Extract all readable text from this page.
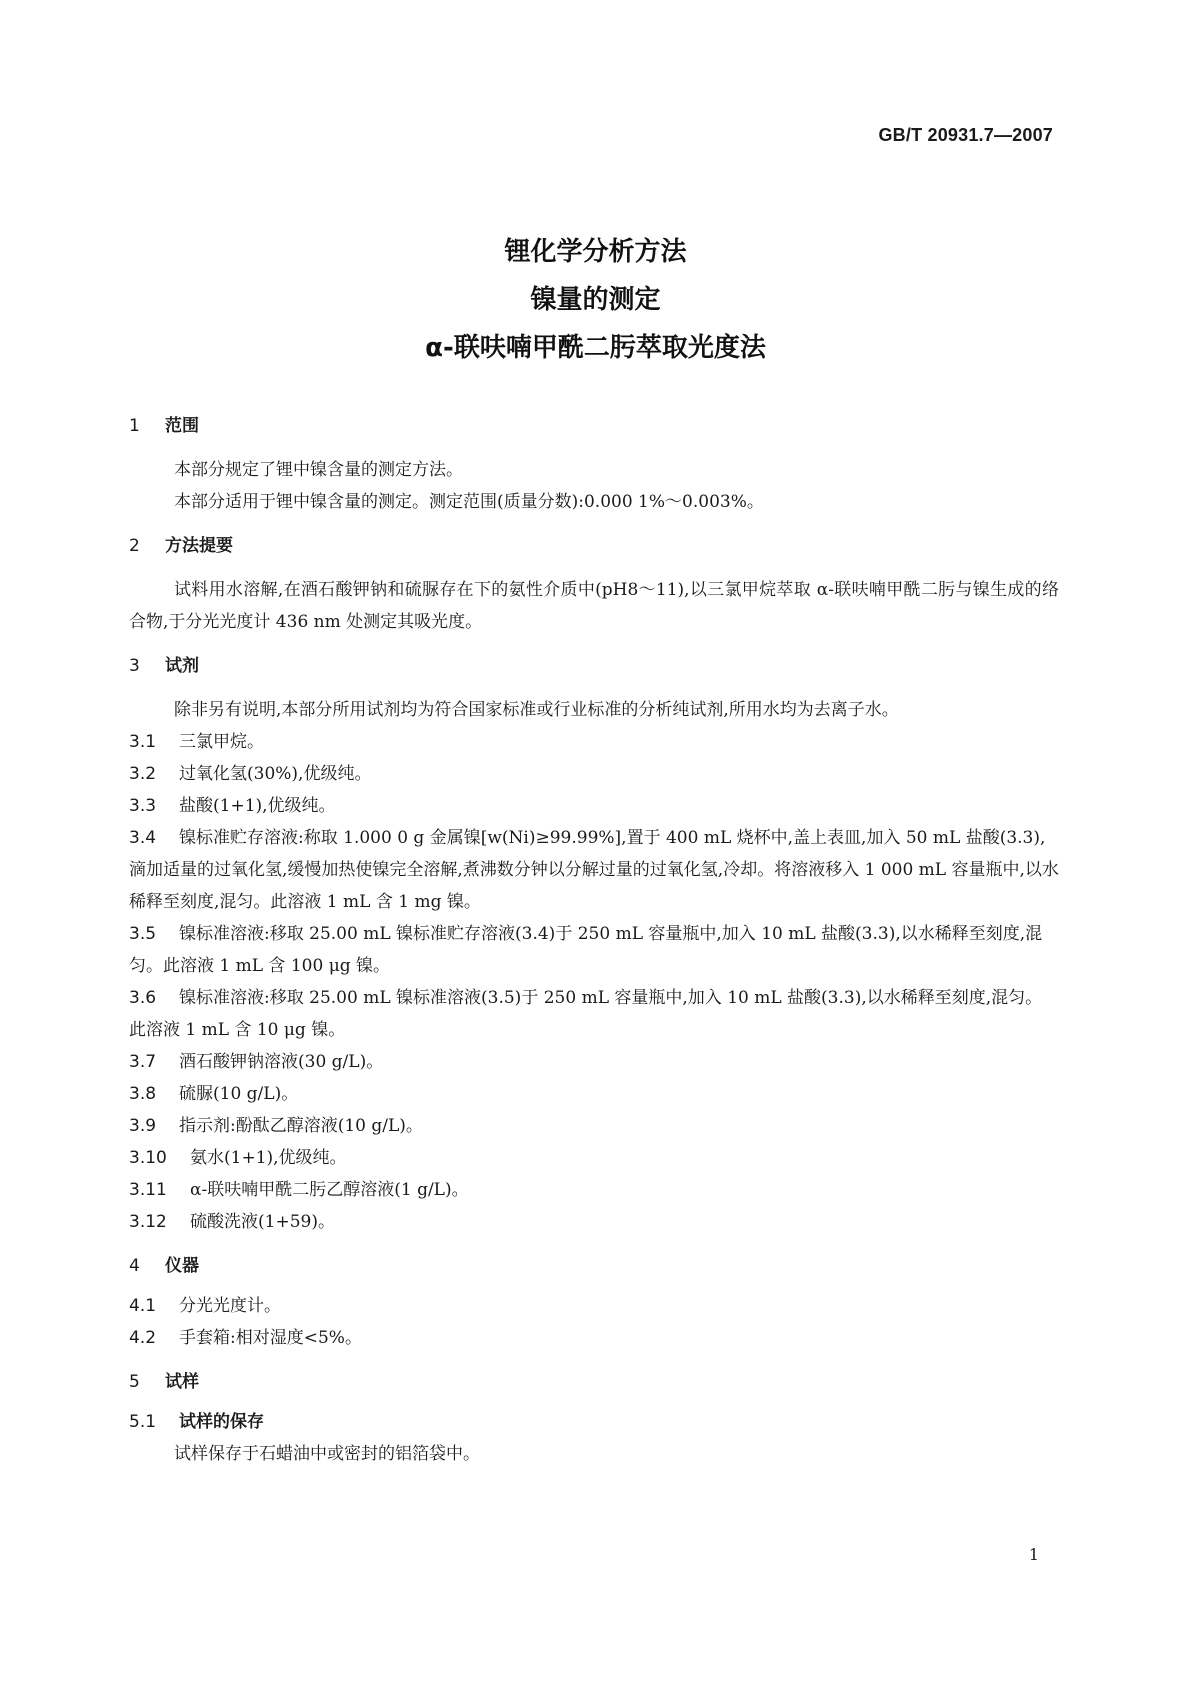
GB/T 20931.7—2007
锂化学分析方法
镍量的测定
α-联呋喃甲酰二肟萃取光度法

1 范围

本部分规定了锂中镍含量的测定方法。

本部分适用于锂中镍含量的测定。测定范围(质量分数):0.000 1%～0.003%。

2 方法提要

试料用水溶解,在酒石酸钾钠和硫脲存在下的氨性介质中(pH8～11),以三氯甲烷萃取 α-联呋喃甲酰二肟与镍生成的络合物,于分光光度计 436 nm 处测定其吸光度。

3 试剂

除非另有说明,本部分所用试剂均为符合国家标准或行业标准的分析纯试剂,所用水均为去离子水。

3.1 三氯甲烷。

3.2 过氧化氢(30%),优级纯。

3.3 盐酸(1+1),优级纯。

3.4 镍标准贮存溶液:称取 1.000 0 g 金属镍[w(Ni)≥99.99%],置于 400 mL 烧杯中,盖上表皿,加入 50 mL 盐酸(3.3),滴加适量的过氧化氢,缓慢加热使镍完全溶解,煮沸数分钟以分解过量的过氧化氢,冷却。将溶液移入 1 000 mL 容量瓶中,以水稀释至刻度,混匀。此溶液 1 mL 含 1 mg 镍。

3.5 镍标准溶液:移取 25.00 mL 镍标准贮存溶液(3.4)于 250 mL 容量瓶中,加入 10 mL 盐酸(3.3),以水稀释至刻度,混匀。此溶液 1 mL 含 100 μg 镍。

3.6 镍标准溶液:移取 25.00 mL 镍标准溶液(3.5)于 250 mL 容量瓶中,加入 10 mL 盐酸(3.3),以水稀释至刻度,混匀。此溶液 1 mL 含 10 μg 镍。

3.7 酒石酸钾钠溶液(30 g/L)。

3.8 硫脲(10 g/L)。

3.9 指示剂:酚酞乙醇溶液(10 g/L)。

3.10 氨水(1+1),优级纯。

3.11 α-联呋喃甲酰二肟乙醇溶液(1 g/L)。

3.12 硫酸洗液(1+59)。

4 仪器

4.1 分光光度计。

4.2 手套箱:相对湿度<5%。

5 试样

5.1 试样的保存

试样保存于石蜡油中或密封的铝箔袋中。

1
